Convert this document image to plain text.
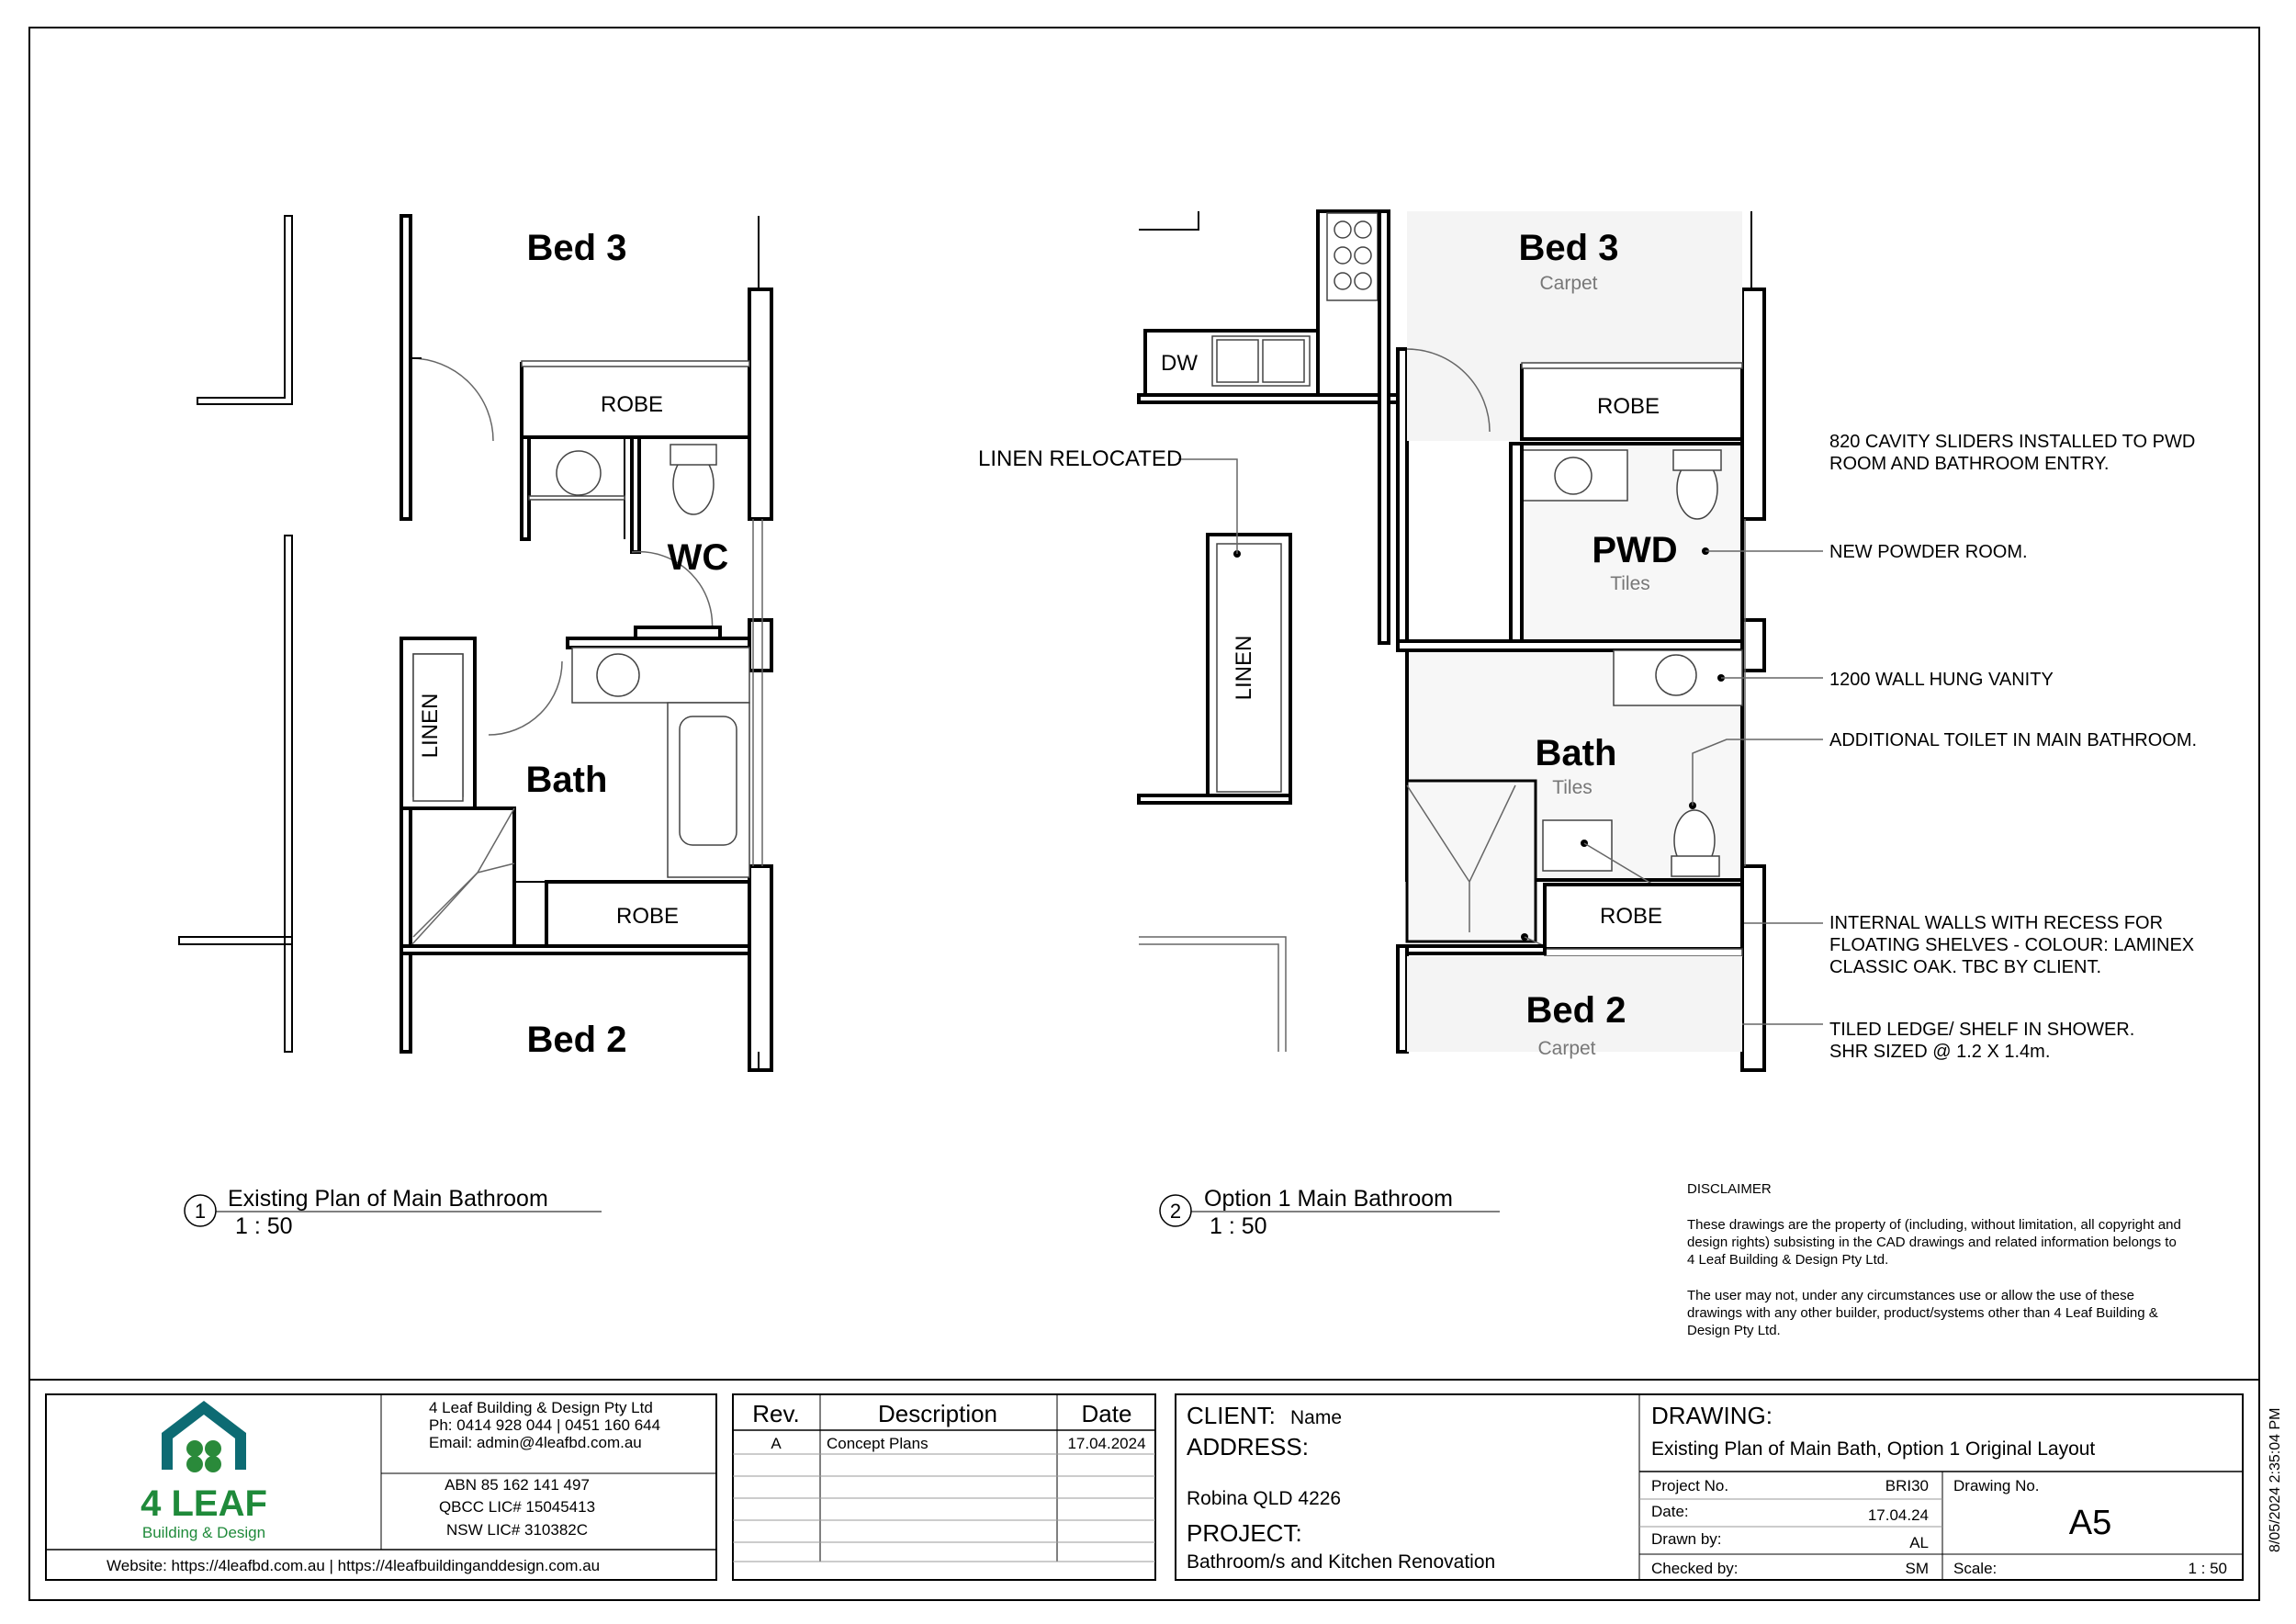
Bed 3
ROBE
WC
Bath
LINEN
ROBE
Bed 2
1 Existing Plan of Main Bathroom
1 : 50
DW
LINEN RELOCATED
LINEN
Bed 3
Carpet
ROBE
PWD
Tiles
Bath
Tiles
ROBE
Bed 2
Carpet
820 CAVITY SLIDERS INSTALLED TO PWD
ROOM AND BATHROOM ENTRY.
NEW POWDER ROOM.
1200 WALL HUNG VANITY
ADDITIONAL TOILET IN MAIN BATHROOM.
INTERNAL WALLS WITH RECESS FOR
FLOATING SHELVES - COLOUR: LAMINEX
CLASSIC OAK. TBC BY CLIENT.
TILED LEDGE/ SHELF IN SHOWER.
SHR SIZED @ 1.2 X 1.4m.
2 Option 1 Main Bathroom
1 : 50
DISCLAIMER
These drawings are the property of (including, without limitation, all copyright and
design rights) subsisting in the CAD drawings and related information belongs to
4 Leaf Building & Design Pty Ltd.
The user may not, under any circumstances use or allow the use of these
drawings with any other builder, product/systems other than 4 Leaf Building &
Design Pty Ltd.
4 LEAF
Building & Design
4 Leaf Building & Design Pty Ltd
Ph: 0414 928 044 | 0451 160 644
Email: admin@4leafbd.com.au
ABN 85 162 141 497
QBCC LIC# 15045413
NSW LIC# 310382C
Website: https://4leafbd.com.au | https://4leafbuildinganddesign.com.au
Rev.	Description	Date
A	Concept Plans	17.04.2024
CLIENT: Name
ADDRESS:
Robina QLD 4226
PROJECT:
Bathroom/s and Kitchen Renovation
DRAWING:
Existing Plan of Main Bath, Option 1 Original Layout
Project No.	BRI30
Date:	17.04.24
Drawn by:	AL
Checked by:	SM
Drawing No.
A5
Scale:	1 : 50
8/05/2024 2:35:04 PM
